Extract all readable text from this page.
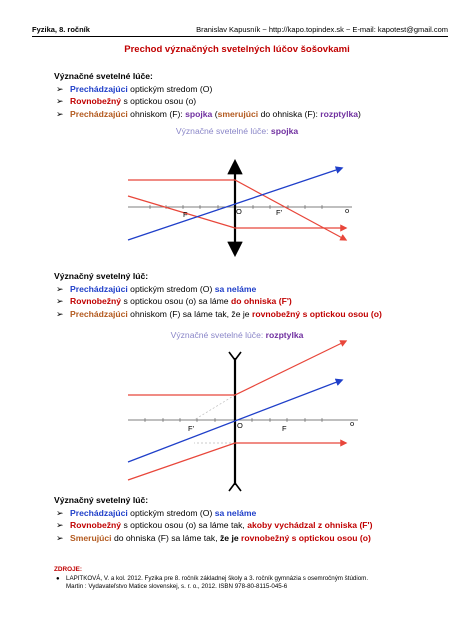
Fyzika, 8. ročník	Branislav Kapusník ~ http://kapo.topindex.sk ~ E-mail: kapotest@gmail.com
Prechod význačných svetelných lúčov šošovkami
Význačné svetelné lúče:
➢ Prechádzajúci optickým stredom (O)
➢ Rovnobežný s optickou osou (o)
➢ Prechádzajúci ohniskom (F): spojka (smerujúci do ohniska (F): rozptylka)
Význačné svetelné lúče: spojka
F	O	F'	o
F'	O	F
o
Význačný svetelný lúč:
➢ Prechádzajúci optickým stredom (O) sa neláme
➢ Rovnobežný s optickou osou (o) sa láme do ohniska (F')
➢ Prechádzajúci ohniskom (F) sa láme tak, že je rovnobežný s optickou osou (o)
Význačné svetelné lúče: rozptylka
Význačný svetelný lúč:
➢ Prechádzajúci optickým stredom (O) sa neláme
➢ Rovnobežný s optickou osou (o) sa láme tak, akoby vychádzal z ohniska (F')
➢ Smerujúci do ohniska (F) sa láme tak, že je rovnobežný s optickou osou (o)
ZDROJE:
● LAPITKOVÁ, V. a kol. 2012. Fyzika pre 8. ročník základnej školy a 3. ročník gymnázia s osemročným štúdiom.
Martin : Vydavateľstvo Matice slovenskej, s. r. o., 2012. ISBN 978-80-8115-045-6
